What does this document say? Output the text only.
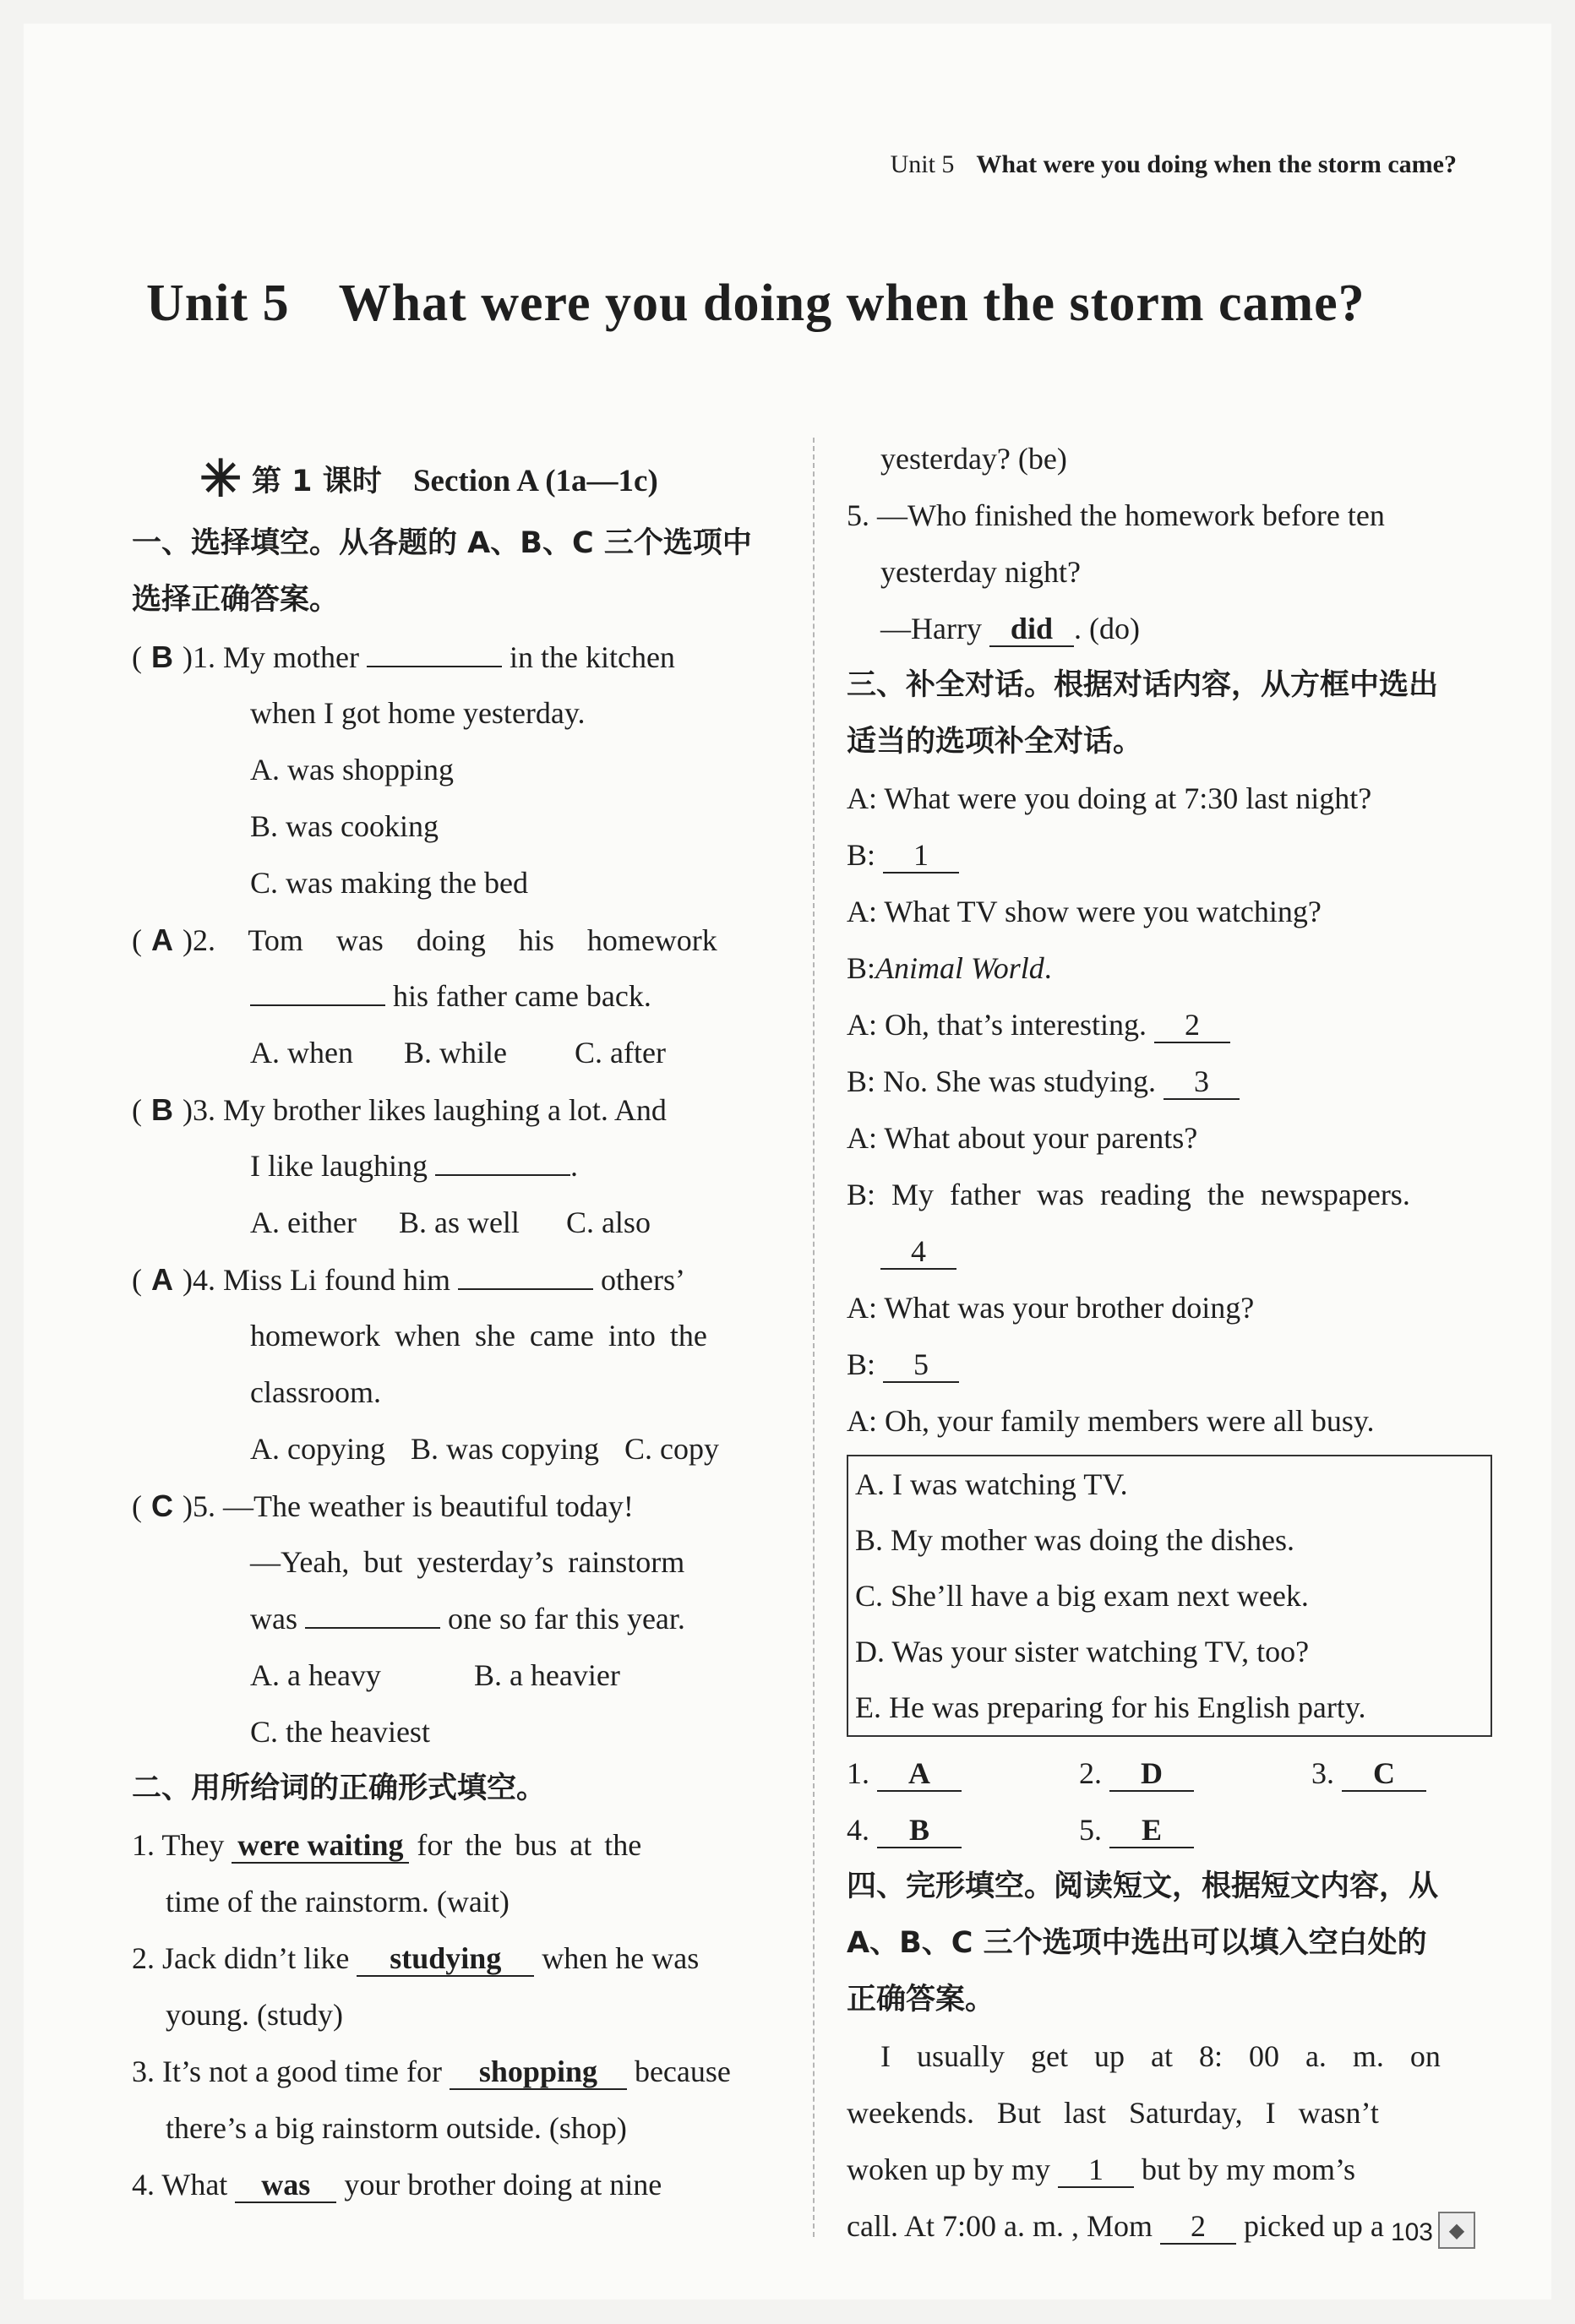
Unit 5 What were you doing when the storm came?
Unit 5 What were you doing when the storm came?
✳ 第 1 课时 Section A (1a—1c)
一、选择填空。从各题的 A、B、C 三个选项中
选择正确答案。
( B )1. My mother	in the kitchen
when I got home yesterday.
A. was shopping
B. was cooking
C. was making the bed
( A )2. Tom was doing his homework
his father came back.
A. when B. while C. after
( B )3. My brother likes laughing a lot. And
I like laughing	.
A. either B. as well C. also
( A )4. Miss Li found him	others’
homework when she came into the
classroom.
A. copying B. was copying C. copy
( C )5. —The weather is beautiful today!
—Yeah, but yesterday’s rainstorm
was	one so far this year.
A. a heavy	B. a heavier
C. the heaviest
二、用所给词的正确形式填空。
1. They were waiting for the bus at the
time of the rainstorm. (wait)
2. Jack didn’t like studying when he was
young. (study)
3. It’s not a good time for shopping because
there’s a big rainstorm outside. (shop)
4. What was your brother doing at nine
yesterday? (be)
5. —Who finished the homework before ten
yesterday night?
—Harry did . (do)
三、补全对话。根据对话内容，从方框中选出
适当的选项补全对话。
A: What were you doing at 7:30 last night?
B: 1
A: What TV show were you watching?
B:Animal World.
A: Oh, that’s interesting. 2
B: No. She was studying. 3
A: What about your parents?
B: My father was reading the newspapers.
4
A: What was your brother doing?
B: 5
A: Oh, your family members were all busy.
A. I was watching TV.
B. My mother was doing the dishes.
C. She’ll have a big exam next week.
D. Was your sister watching TV, too?
E. He was preparing for his English party.
1. A	2. D	3. C
4. B	5. E
四、完形填空。阅读短文，根据短文内容，从
A、B、C 三个选项中选出可以填入空白处的
正确答案。
I usually get up at 8: 00 a. m. on
weekends. But last Saturday, I wasn’t
woken up by my 1 but by my mom’s
call. At 7:00 a. m. , Mom 2 picked up a 103 ◆
